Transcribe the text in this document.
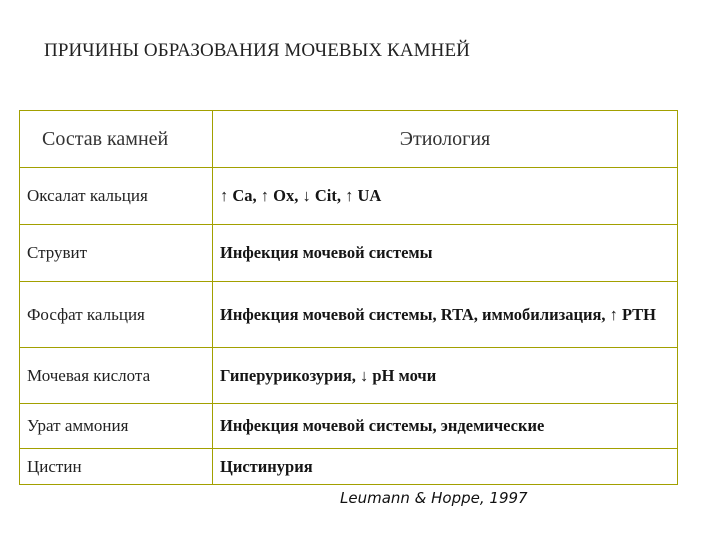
ПРИЧИНЫ ОБРАЗОВАНИЯ МОЧЕВЫХ КАМНЕЙ
Состав камней	Этиология
Оксалат кальция	↑ Ca, ↑ Ox, ↓ Cit, ↑ UA
Струвит	Инфекция мочевой системы
Фосфат кальция	Инфекция мочевой системы, RTA, иммобилизация, ↑ PTH
Мочевая кислота	Гиперурикозурия, ↓ pH мочи
Урат аммония	Инфекция мочевой системы, эндемические
Цистин	Цистинурия
Leumann & Hoppe, 1997
